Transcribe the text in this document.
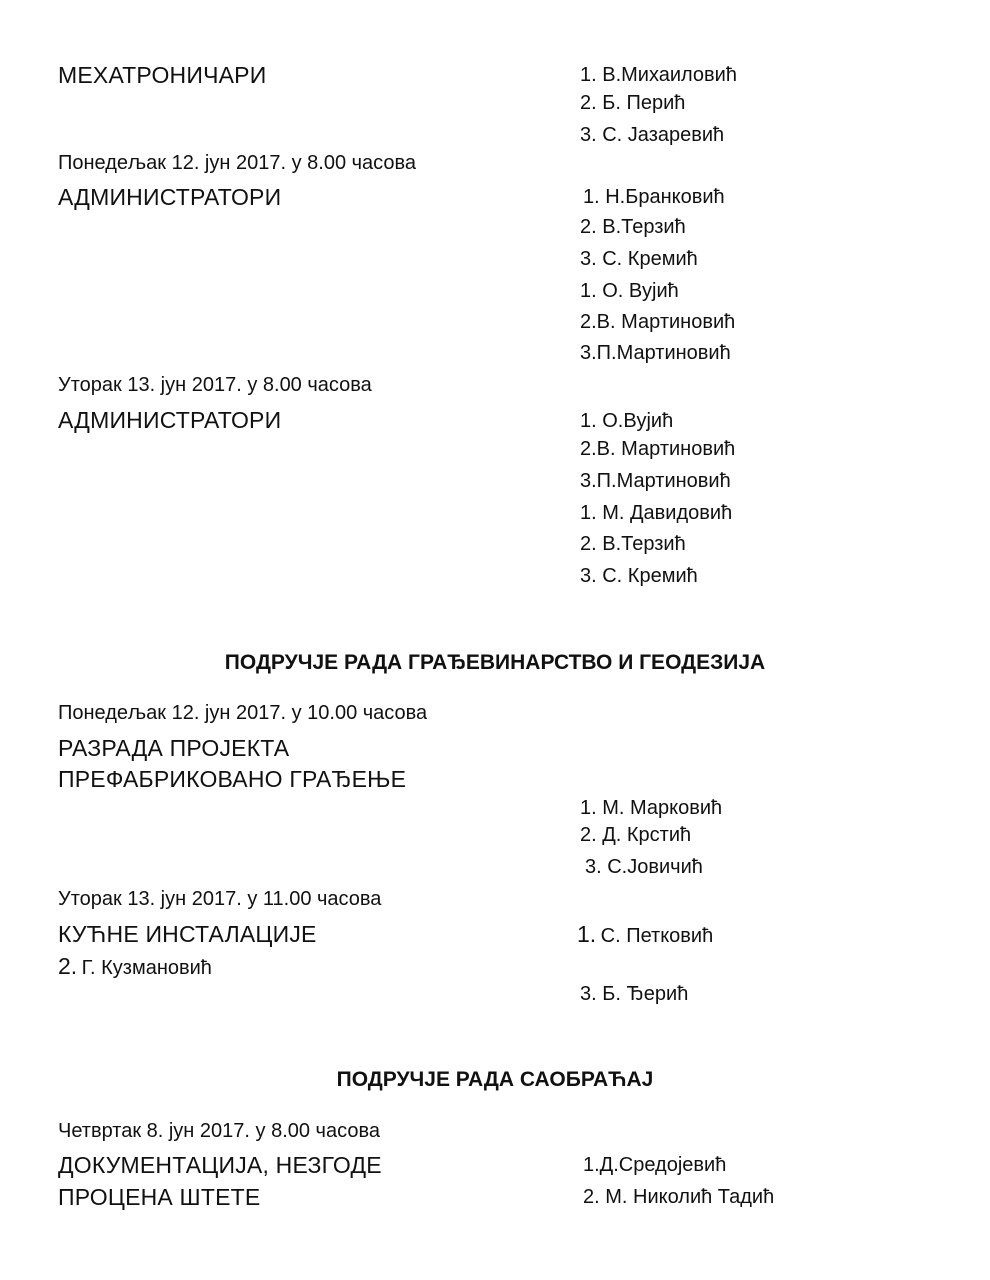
МЕХАТРОНИЧАРИ	1. В.Михаиловић
2. Б. Перић
3. С. Јазаревић
Понедељак 12. јун 2017. у 8.00 часова
АДМИНИСТРАТОРИ	1. Н.Бранковић
2. В.Терзић
3. С. Кремић
1. О. Вујић
2.В. Мартиновић
3.П.Мартиновић
Уторак 13. јун 2017. у 8.00 часова
АДМИНИСТРАТОРИ	1. О.Вујић
2.В. Мартиновић
3.П.Мартиновић
1. М. Давидовић
2. В.Терзић
3. С. Кремић
ПОДРУЧЈЕ РАДА ГРАЂЕВИНАРСТВО И ГЕОДЕЗИЈА
Понедељак 12. јун 2017. у 10.00 часова
РАЗРАДА ПРОЈЕКТА
ПРЕФАБРИКОВАНО ГРАЂЕЊЕ
1. М. Марковић
2. Д. Крстић
3. С.Јовичић
Уторак 13. јун 2017. у 11.00 часова
КУЋНЕ ИНСТАЛАЦИЈЕ	1. С. Петковић
2. Г. Кузмановић
3. Б. Ђерић
ПОДРУЧЈЕ РАДА САОБРАЋАЈ
Четвртак 8. јун 2017. у 8.00 часова
ДОКУМЕНТАЦИЈА, НЕЗГОДЕ	1.Д.Средојевић
ПРОЦЕНА ШТЕТЕ	2. М. Николић Тадић
